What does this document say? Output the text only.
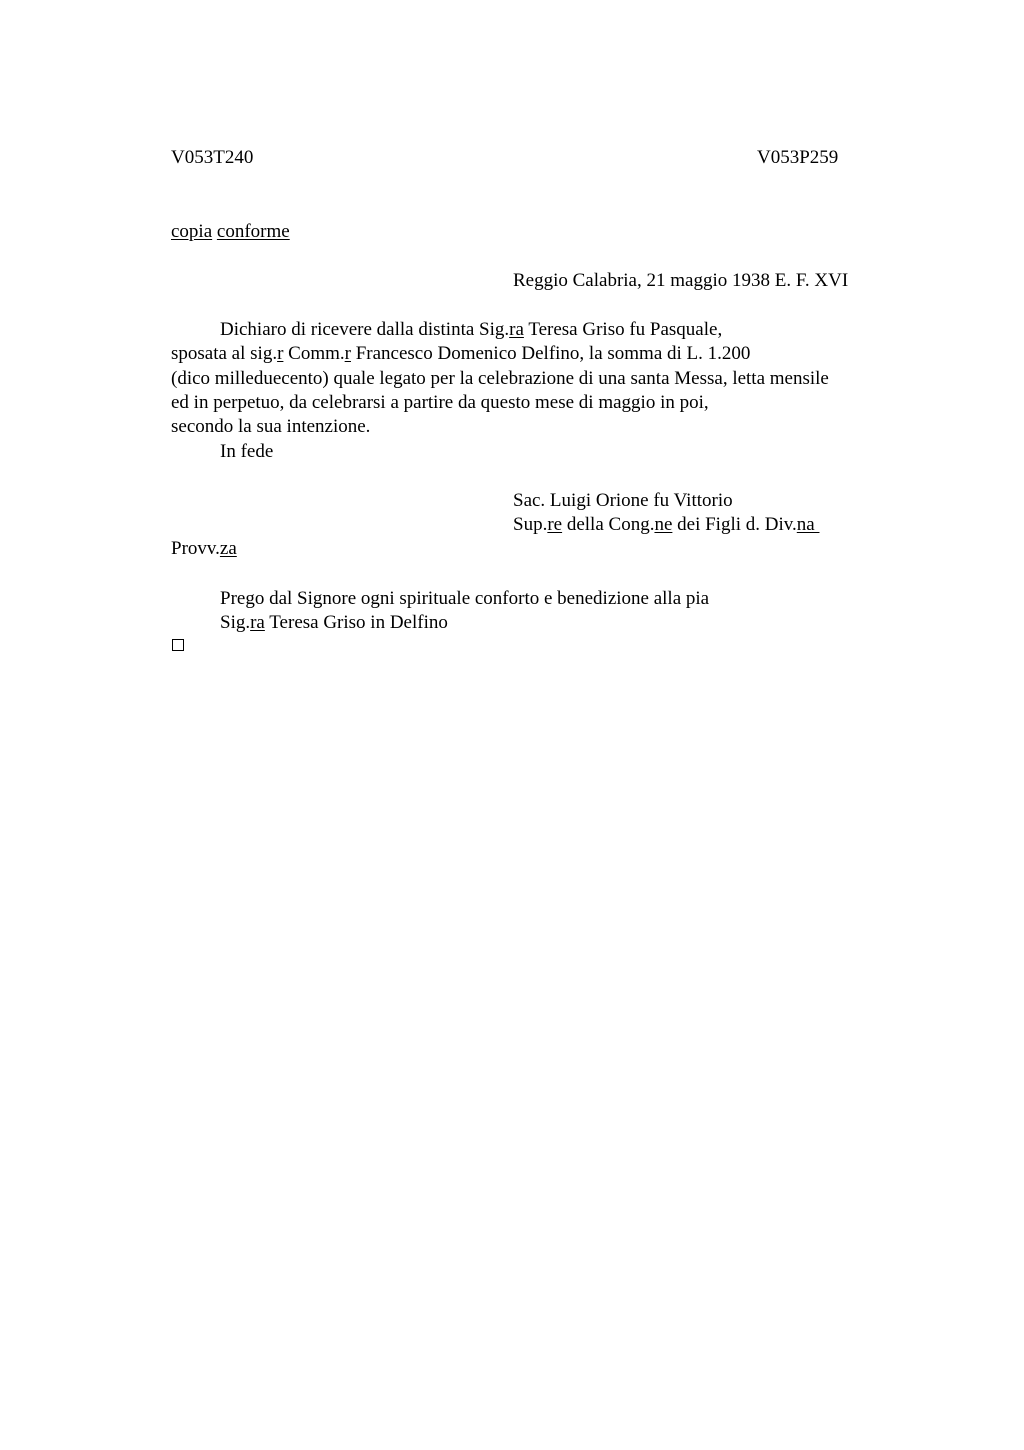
V053T240	V053P259
copia conforme
Reggio Calabria, 21 maggio 1938 E. F. XVI
Dichiaro di ricevere dalla distinta Sig.ra Teresa Griso fu Pasquale,
sposata al sig.r Comm.r Francesco Domenico Delfino, la somma di L. 1.200
(dico milleduecento) quale legato per la celebrazione di una santa Messa, letta mensile
ed in perpetuo, da celebrarsi a partire da questo mese di maggio in poi,
secondo la sua intenzione.
In fede
Sac. Luigi Orione fu Vittorio
Sup.re della Cong.ne dei Figli d. Div.na
Provv.za
Prego dal Signore ogni spirituale conforto e benedizione alla pia
Sig.ra Teresa Griso in Delfino
